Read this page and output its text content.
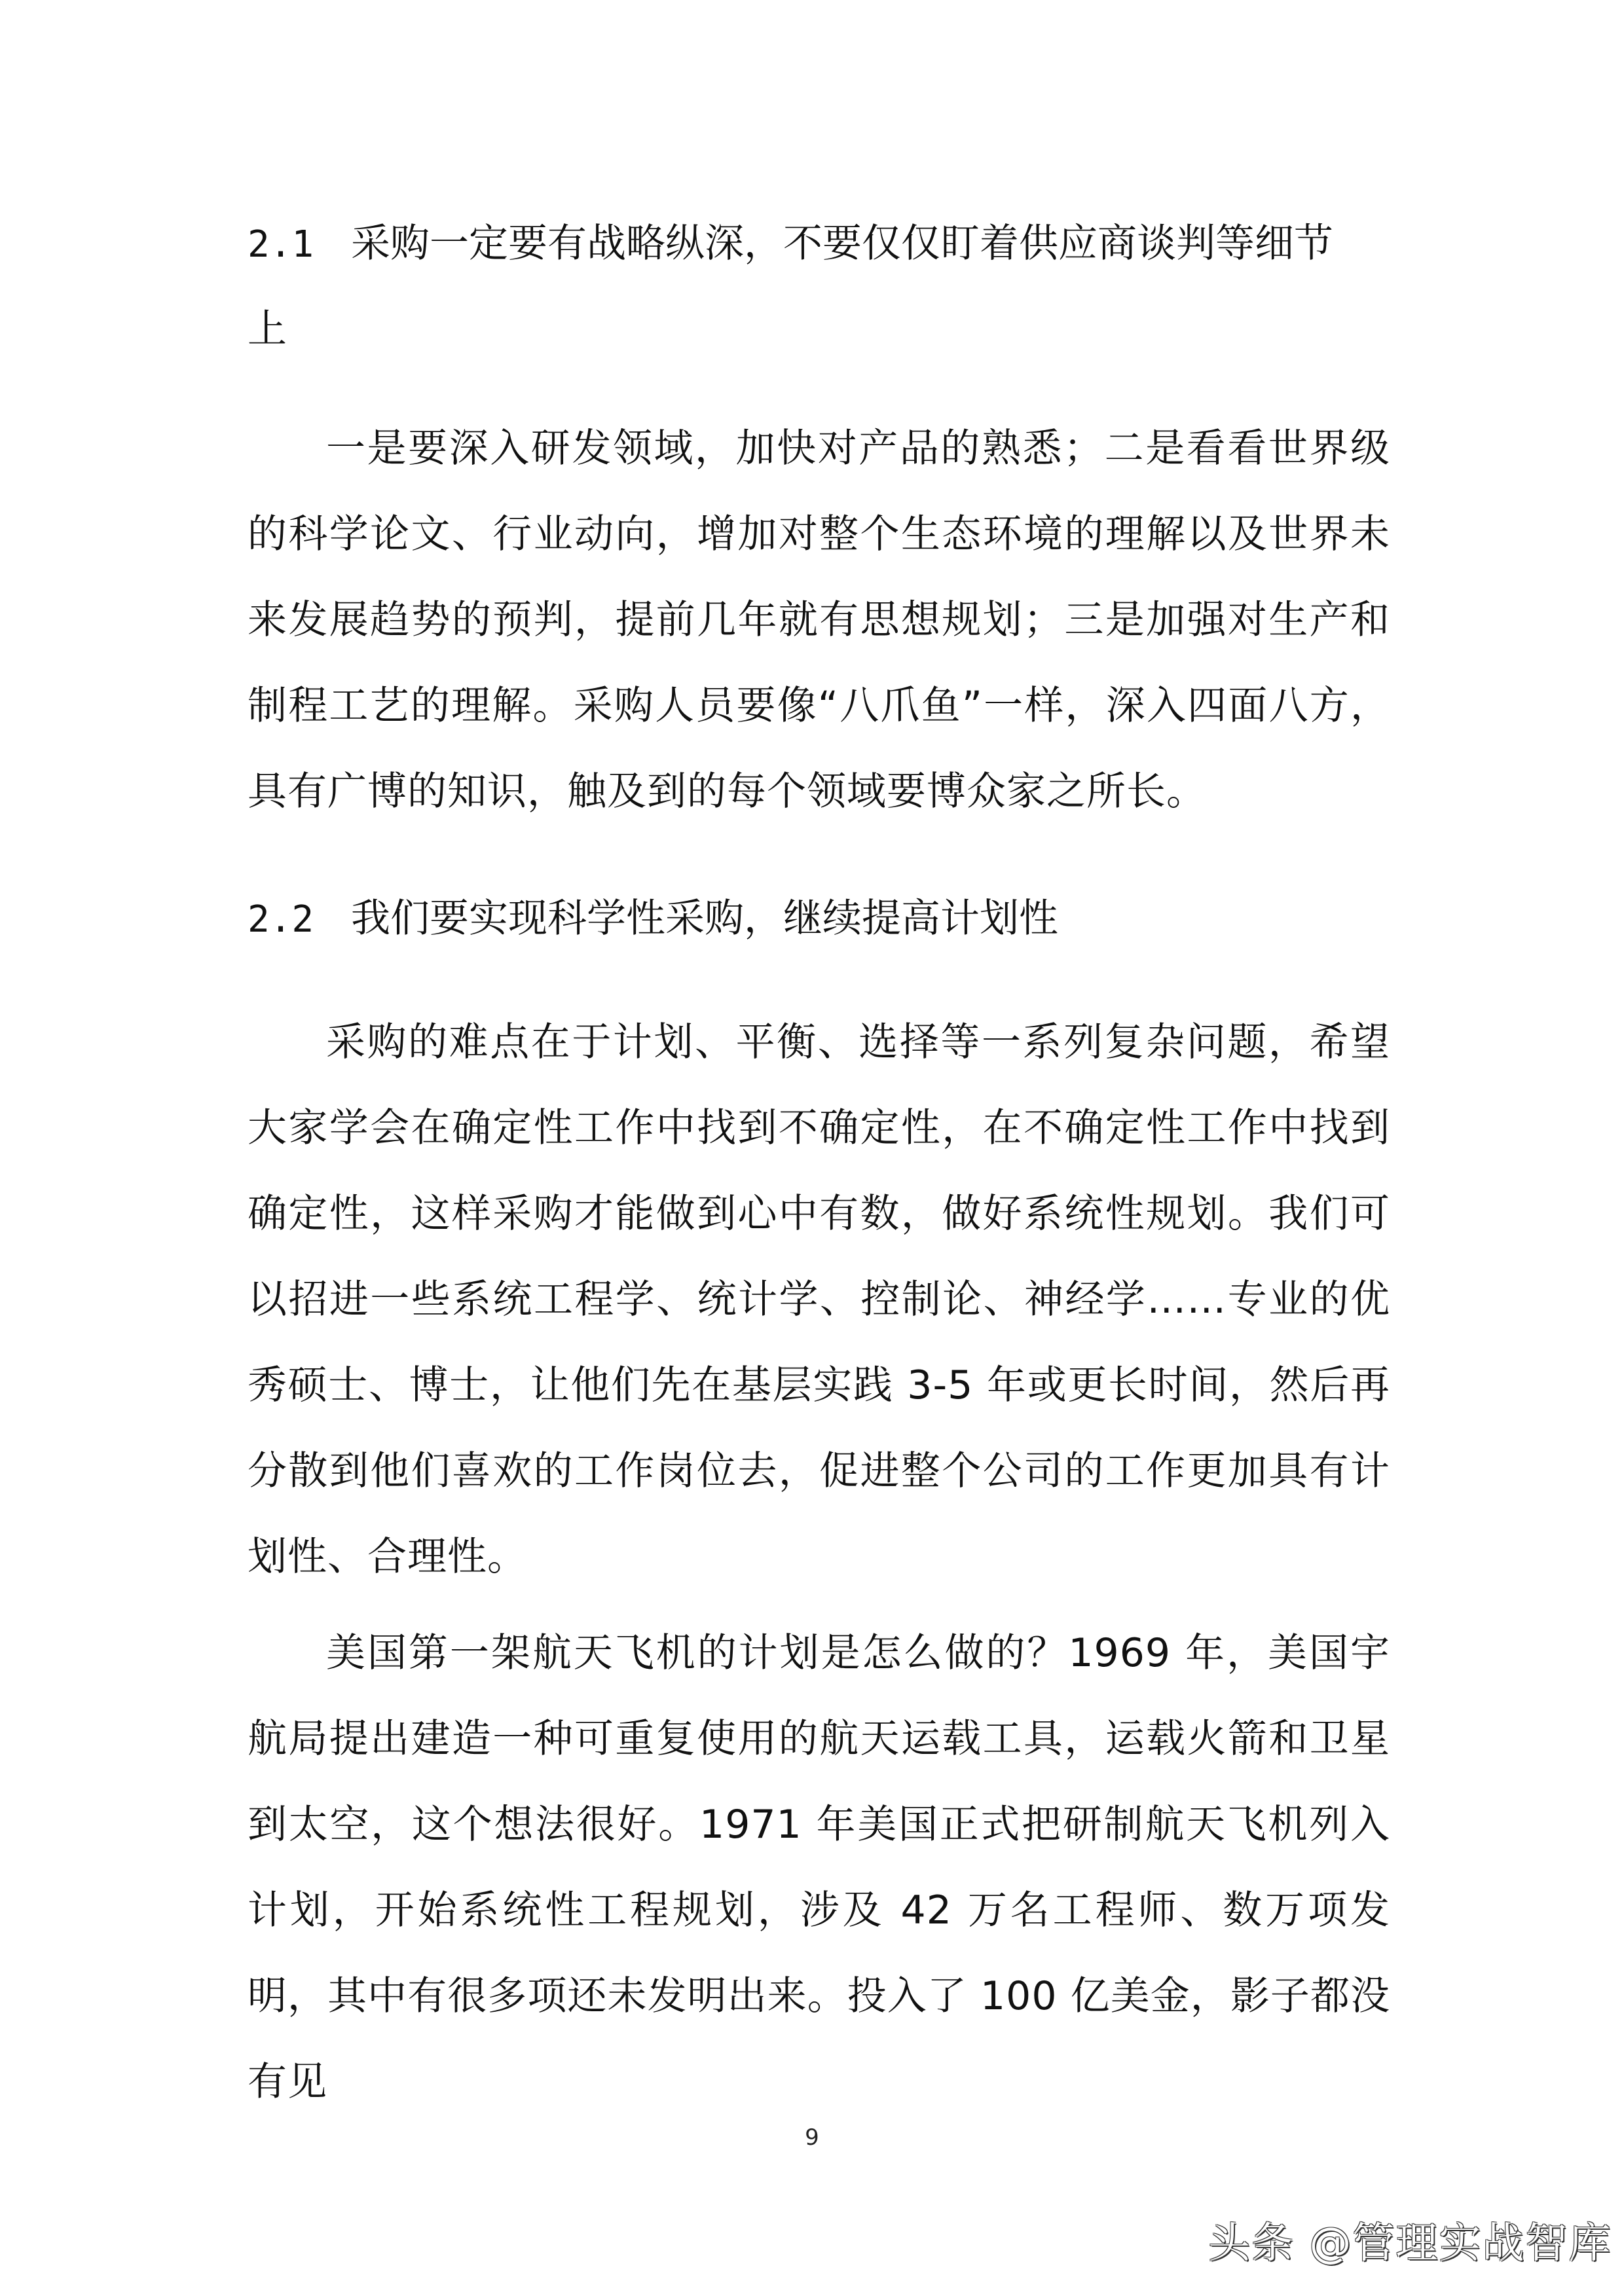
2.1 采购一定要有战略纵深，不要仅仅盯着供应商谈判等细节
上
一是要深入研发领域，加快对产品的熟悉；二是看看世界级的科学论文、行业动向，增加对整个生态环境的理解以及世界未来发展趋势的预判，提前几年就有思想规划；三是加强对生产和制程工艺的理解。采购人员要像“八爪鱼”一样，深入四面八方，具有广博的知识，触及到的每个领域要博众家之所长。
2.2 我们要实现科学性采购，继续提高计划性
采购的难点在于计划、平衡、选择等一系列复杂问题，希望大家学会在确定性工作中找到不确定性，在不确定性工作中找到确定性，这样采购才能做到心中有数，做好系统性规划。我们可以招进一些系统工程学、统计学、控制论、神经学……专业的优秀硕士、博士，让他们先在基层实践 3-5 年或更长时间，然后再分散到他们喜欢的工作岗位去，促进整个公司的工作更加具有计划性、合理性。
美国第一架航天飞机的计划是怎么做的？1969 年，美国宇航局提出建造一种可重复使用的航天运载工具，运载火箭和卫星到太空，这个想法很好。1971 年美国正式把研制航天飞机列入计划，开始系统性工程规划，涉及 42 万名工程师、数万项发明，其中有很多项还未发明出来。投入了 100 亿美金，影子都没有见
9
头条 @管理实战智库
